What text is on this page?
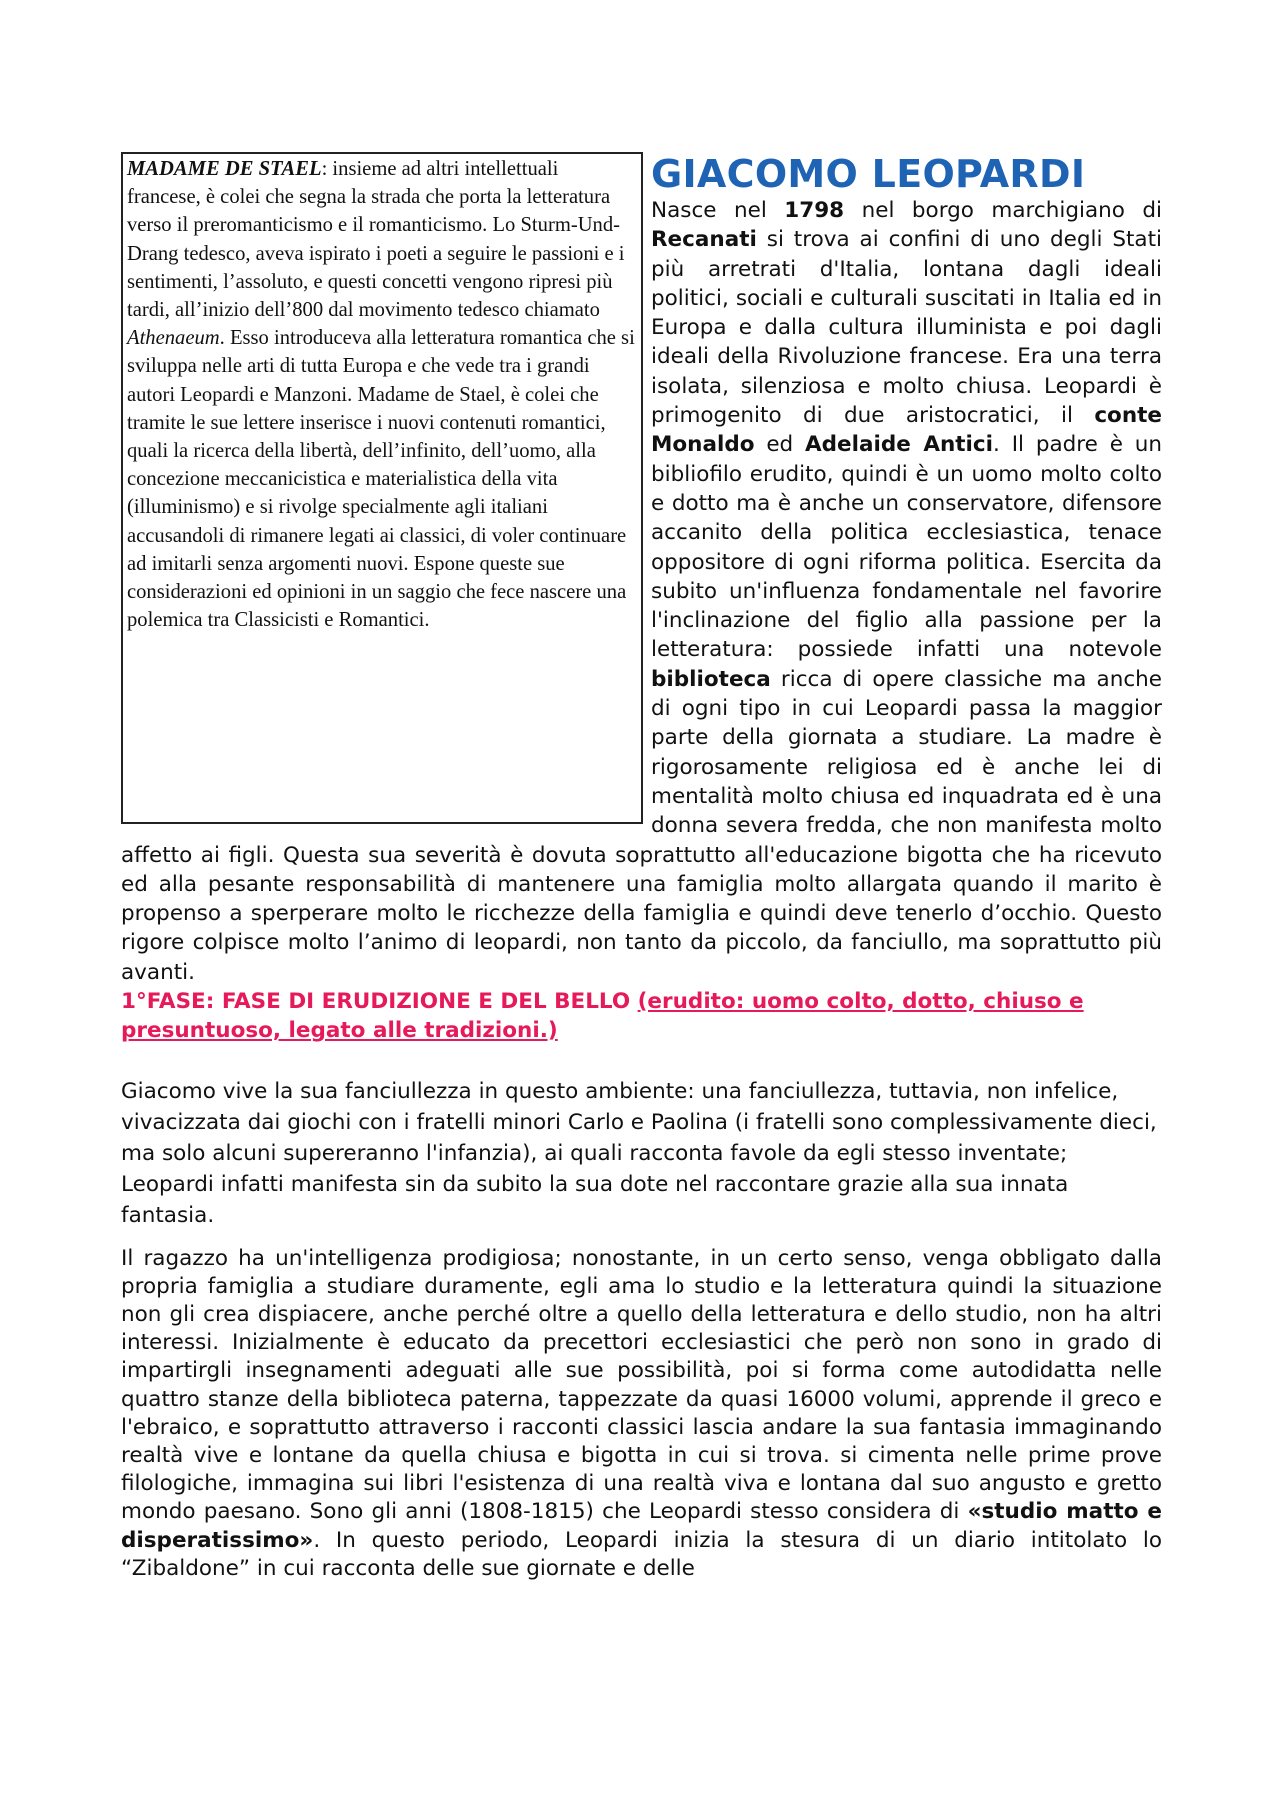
MADAME DE STAEL: insieme ad altri intellettuali francese, è colei che segna la strada che porta la letteratura verso il preromanticismo e il romanticismo. Lo Sturm-Und-Drang tedesco, aveva ispirato i poeti a seguire le passioni e i sentimenti, l’assoluto, e questi concetti vengono ripresi più tardi, all’inizio dell’800 dal movimento tedesco chiamato Athenaeum. Esso introduceva alla letteratura romantica che si sviluppa nelle arti di tutta Europa e che vede tra i grandi autori Leopardi e Manzoni. Madame de Stael, è colei che tramite le sue lettere inserisce i nuovi contenuti romantici, quali la ricerca della libertà, dell’infinito, dell’uomo, alla concezione meccanicistica e materialistica della vita (illuminismo) e si rivolge specialmente agli italiani accusandoli di rimanere legati ai classici, di voler continuare ad imitarli senza argomenti nuovi. Espone queste sue considerazioni ed opinioni in un saggio che fece nascere una polemica tra Classicisti e Romantici.

GIACOMO LEOPARDI

Nasce nel 1798 nel borgo marchigiano di Recanati si trova ai confini di uno degli Stati più arretrati d'Italia, lontana dagli ideali politici, sociali e culturali suscitati in Italia ed in Europa e dalla cultura illuminista e poi dagli ideali della Rivoluzione francese. Era una terra isolata, silenziosa e molto chiusa. Leopardi è primogenito di due aristocratici, il conte Monaldo ed Adelaide Antici. Il padre è un bibliofilo erudito, quindi è un uomo molto colto e dotto ma è anche un conservatore, difensore accanito della politica ecclesiastica, tenace oppositore di ogni riforma politica. Esercita da subito un'influenza fondamentale nel favorire l'inclinazione del figlio alla passione per la letteratura: possiede infatti una notevole biblioteca ricca di opere classiche ma anche di ogni tipo in cui Leopardi passa la maggior parte della giornata a studiare. La madre è rigorosamente religiosa ed è anche lei di mentalità molto chiusa ed inquadrata ed è una donna severa fredda, che non manifesta molto affetto ai figli. Questa sua severità è dovuta soprattutto all'educazione bigotta che ha ricevuto ed alla pesante responsabilità di mantenere una famiglia molto allargata quando il marito è propenso a sperperare molto le ricchezze della famiglia e quindi deve tenerlo d’occhio. Questo rigore colpisce molto l’animo di leopardi, non tanto da piccolo, da fanciullo, ma soprattutto più avanti.

1°FASE: FASE DI ERUDIZIONE E DEL BELLO (erudito: uomo colto, dotto, chiuso e presuntuoso, legato alle tradizioni.)

Giacomo vive la sua fanciullezza in questo ambiente: una fanciullezza, tuttavia, non infelice, vivacizzata dai giochi con i fratelli minori Carlo e Paolina (i fratelli sono complessivamente dieci, ma solo alcuni supereranno l'infanzia), ai quali racconta favole da egli stesso inventate; Leopardi infatti manifesta sin da subito la sua dote nel raccontare grazie alla sua innata fantasia.

Il ragazzo ha un'intelligenza prodigiosa; nonostante, in un certo senso, venga obbligato dalla propria famiglia a studiare duramente, egli ama lo studio e la letteratura quindi la situazione non gli crea dispiacere, anche perché oltre a quello della letteratura e dello studio, non ha altri interessi. Inizialmente è educato da precettori ecclesiastici che però non sono in grado di impartirgli insegnamenti adeguati alle sue possibilità, poi si forma come autodidatta nelle quattro stanze della biblioteca paterna, tappezzate da quasi 16000 volumi, apprende il greco e l'ebraico, e soprattutto attraverso i racconti classici lascia andare la sua fantasia immaginando realtà vive e lontane da quella chiusa e bigotta in cui si trova. si cimenta nelle prime prove filologiche, immagina sui libri l'esistenza di una realtà viva e lontana dal suo angusto e gretto mondo paesano. Sono gli anni (1808-1815) che Leopardi stesso considera di «studio matto e disperatissimo». In questo periodo, Leopardi inizia la stesura di un diario intitolato lo “Zibaldone” in cui racconta delle sue giornate e delle
